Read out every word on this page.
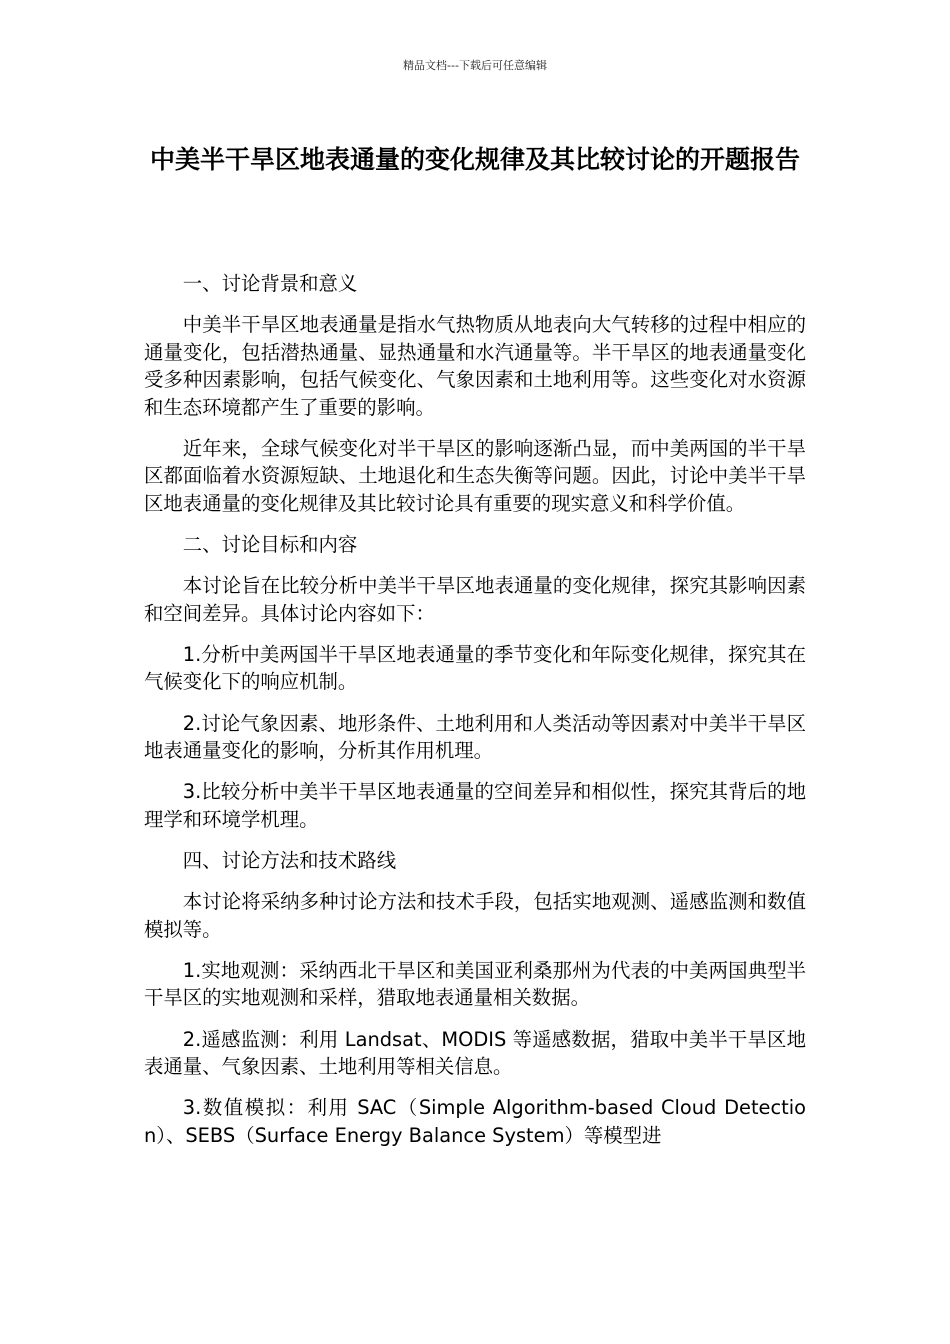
精品文档---下载后可任意编辑
中美半干旱区地表通量的变化规律及其比较讨论的开题报告

一、讨论背景和意义

中美半干旱区地表通量是指水气热物质从地表向大气转移的过程中相应的通量变化，包括潜热通量、显热通量和水汽通量等。半干旱区的地表通量变化受多种因素影响，包括气候变化、气象因素和土地利用等。这些变化对水资源和生态环境都产生了重要的影响。

近年来，全球气候变化对半干旱区的影响逐渐凸显，而中美两国的半干旱区都面临着水资源短缺、土地退化和生态失衡等问题。因此，讨论中美半干旱区地表通量的变化规律及其比较讨论具有重要的现实意义和科学价值。

二、讨论目标和内容

本讨论旨在比较分析中美半干旱区地表通量的变化规律，探究其影响因素和空间差异。具体讨论内容如下：

1.分析中美两国半干旱区地表通量的季节变化和年际变化规律，探究其在气候变化下的响应机制。

2.讨论气象因素、地形条件、土地利用和人类活动等因素对中美半干旱区地表通量变化的影响，分析其作用机理。

3.比较分析中美半干旱区地表通量的空间差异和相似性，探究其背后的地理学和环境学机理。

四、讨论方法和技术路线

本讨论将采纳多种讨论方法和技术手段，包括实地观测、遥感监测和数值模拟等。

1.实地观测：采纳西北干旱区和美国亚利桑那州为代表的中美两国典型半干旱区的实地观测和采样，猎取地表通量相关数据。

2.遥感监测：利用 Landsat、MODIS 等遥感数据，猎取中美半干旱区地表通量、气象因素、土地利用等相关信息。

3.数值模拟：利用 SAC（Simple Algorithm-based Cloud Detection）、SEBS（Surface Energy Balance System）等模型进
